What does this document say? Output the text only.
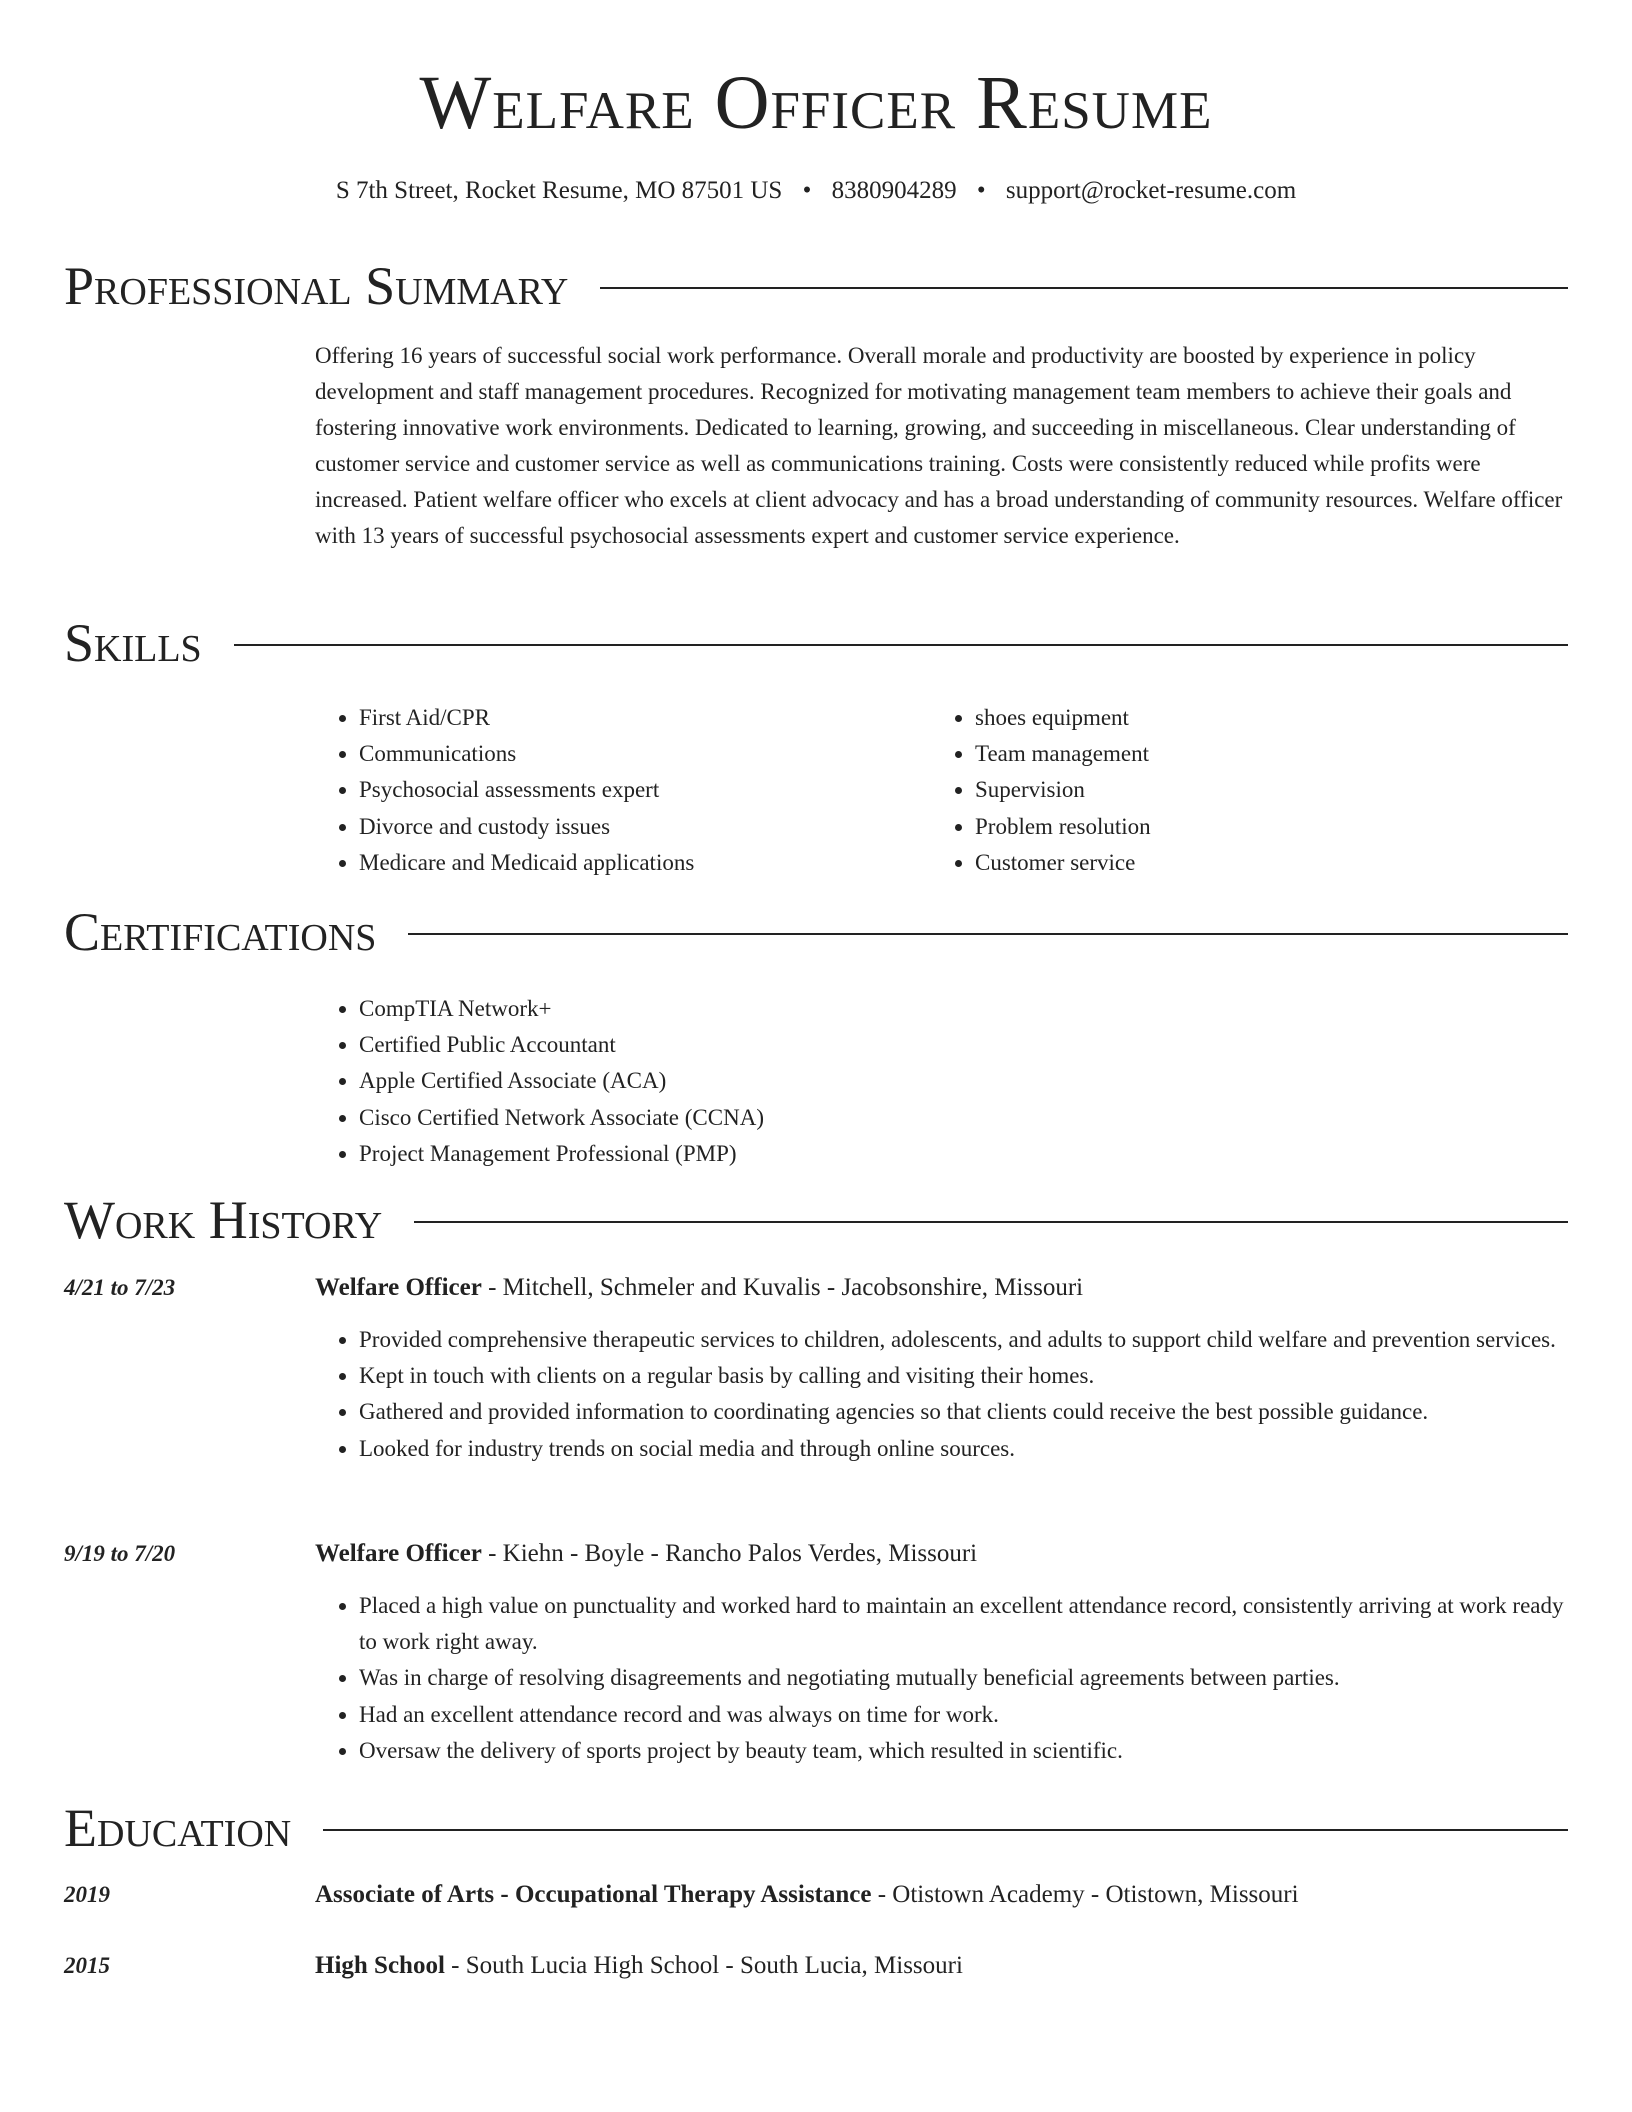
Welfare Officer Resume
S 7th Street, Rocket Resume, MO 87501 US • 8380904289 • support@rocket-resume.com
Professional Summary

Offering 16 years of successful social work performance. Overall morale and productivity are boosted by experience in policy development and staff management procedures. Recognized for motivating management team members to achieve their goals and fostering innovative work environments. Dedicated to learning, growing, and succeeding in miscellaneous. Clear understanding of customer service and customer service as well as communications training. Costs were consistently reduced while profits were increased. Patient welfare officer who excels at client advocacy and has a broad understanding of community resources. Welfare officer with 13 years of successful psychosocial assessments expert and customer service experience.

Skills
• First Aid/CPR
• Communications
• Psychosocial assessments expert
• Divorce and custody issues
• Medicare and Medicaid applications
• shoes equipment
• Team management
• Supervision
• Problem resolution
• Customer service
Certifications
• CompTIA Network+
• Certified Public Accountant
• Apple Certified Associate (ACA)
• Cisco Certified Network Associate (CCNA)
• Project Management Professional (PMP)
Work History
4/21 to 7/23	Welfare Officer - Mitchell, Schmeler and Kuvalis - Jacobsonshire, Missouri
• Provided comprehensive therapeutic services to children, adolescents, and adults to support child welfare and prevention services.
• Kept in touch with clients on a regular basis by calling and visiting their homes.
• Gathered and provided information to coordinating agencies so that clients could receive the best possible guidance.
• Looked for industry trends on social media and through online sources.
9/19 to 7/20	Welfare Officer - Kiehn - Boyle - Rancho Palos Verdes, Missouri
• Placed a high value on punctuality and worked hard to maintain an excellent attendance record, consistently arriving at work ready to work right away.
• Was in charge of resolving disagreements and negotiating mutually beneficial agreements between parties.
• Had an excellent attendance record and was always on time for work.
• Oversaw the delivery of sports project by beauty team, which resulted in scientific.
Education
2019	Associate of Arts - Occupational Therapy Assistance - Otistown Academy - Otistown, Missouri
2015	High School - South Lucia High School - South Lucia, Missouri
